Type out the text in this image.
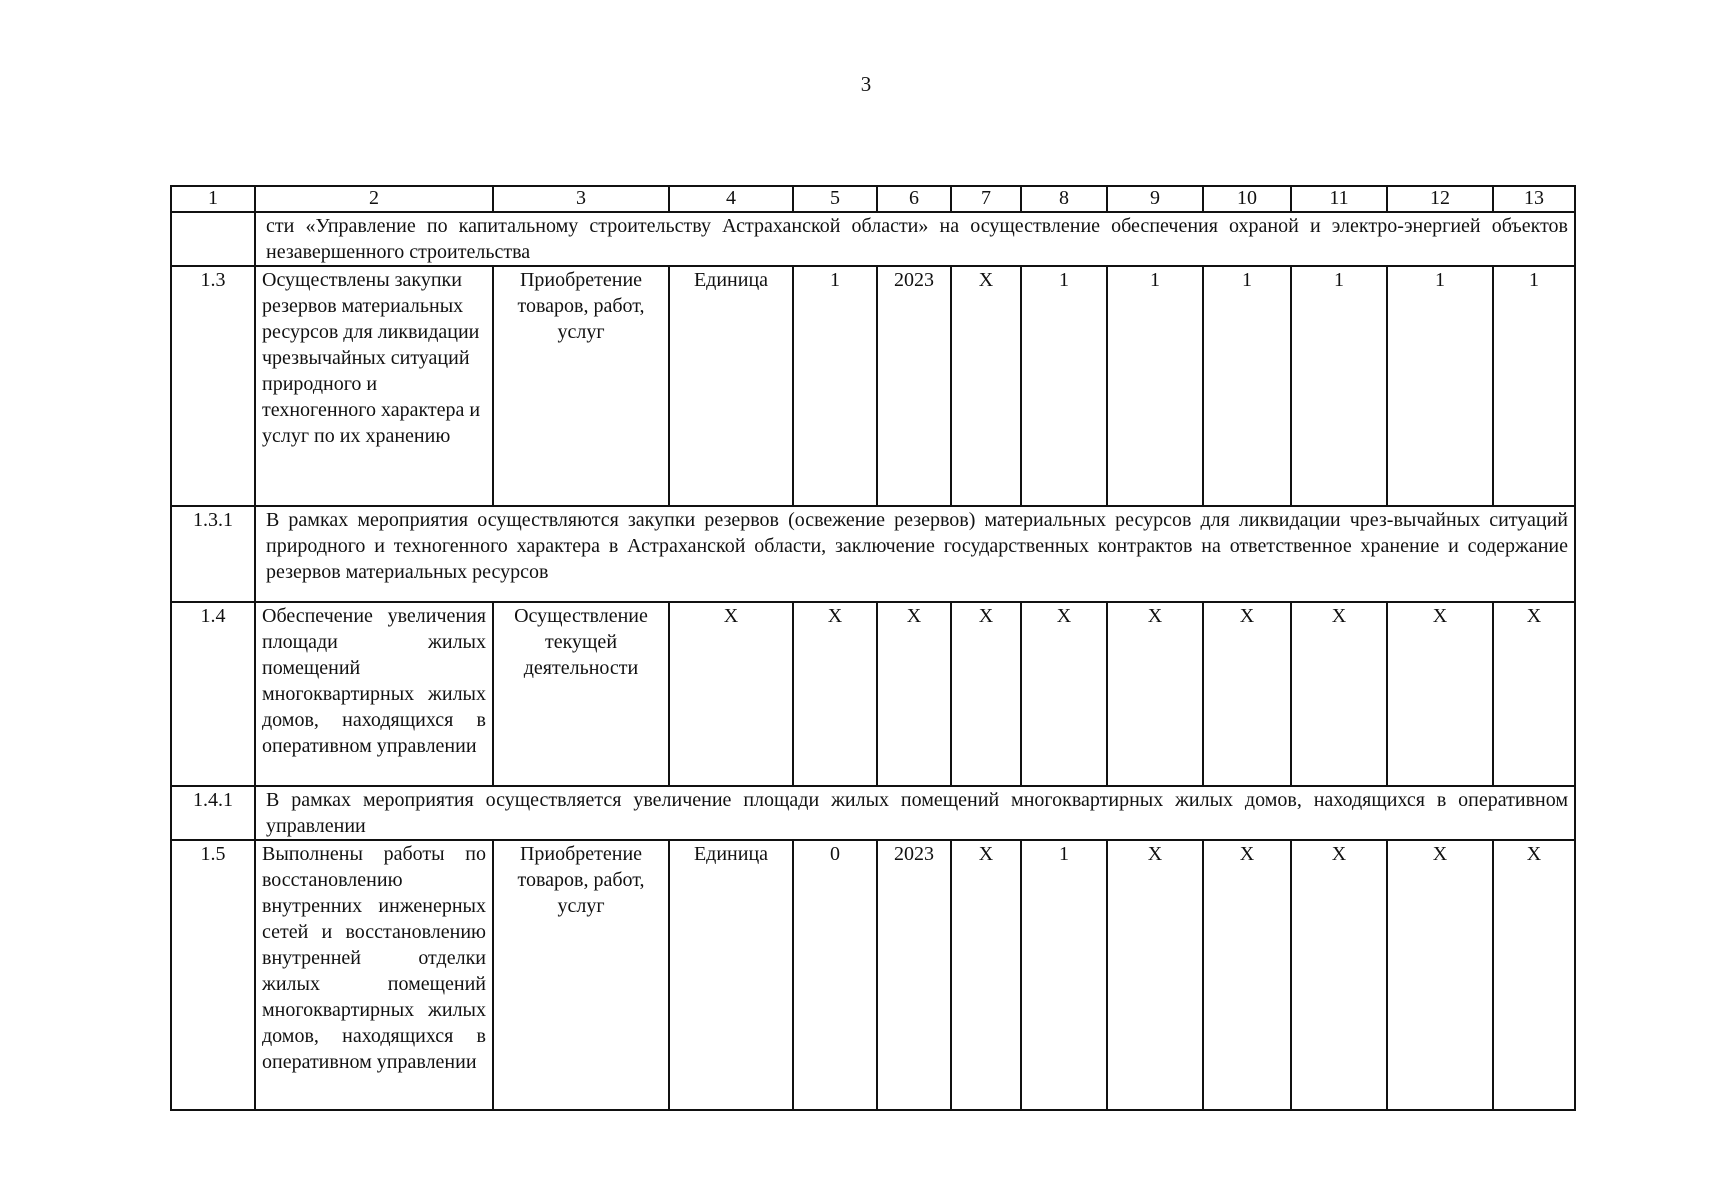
3
1	2	3	4	5	6	7	8	9	10	11	12	13
	сти «Управление по капитальному строительству Астраханской области» на осуществление обеспечения охраной и электро-энергией объектов незавершенного строительства											
1.3	Осуществлены закупки резервов материальных ресурсов для ликвидации чрезвычайных ситуаций природного и техногенного характера и услуг по их хранению	Приобретение товаров, работ, услуг	Единица	1	2023	X	1	1	1	1	1	1
1.3.1	В рамках мероприятия осуществляются закупки резервов (освежение резервов) материальных ресурсов для ликвидации чрез-вычайных ситуаций природного и техногенного характера в Астраханской области, заключение государственных контрактов на ответственное хранение и содержание резервов материальных ресурсов											
1.4	Обеспечение увеличения площади жилых помещений многоквартирных жилых домов, находящихся в оперативном управлении	Осуществление текущей деятельности	X	X	X	X	X	X	X	X	X	X
1.4.1	В рамках мероприятия осуществляется увеличение площади жилых помещений многоквартирных жилых домов, находящихся в оперативном управлении											
1.5	Выполнены работы по восстановлению внутренних инженерных сетей и восстановлению внутренней отделки жилых помещений многоквартирных жилых домов, находящихся в оперативном управлении	Приобретение товаров, работ, услуг	Единица	0	2023	X	1	X	X	X	X	X
